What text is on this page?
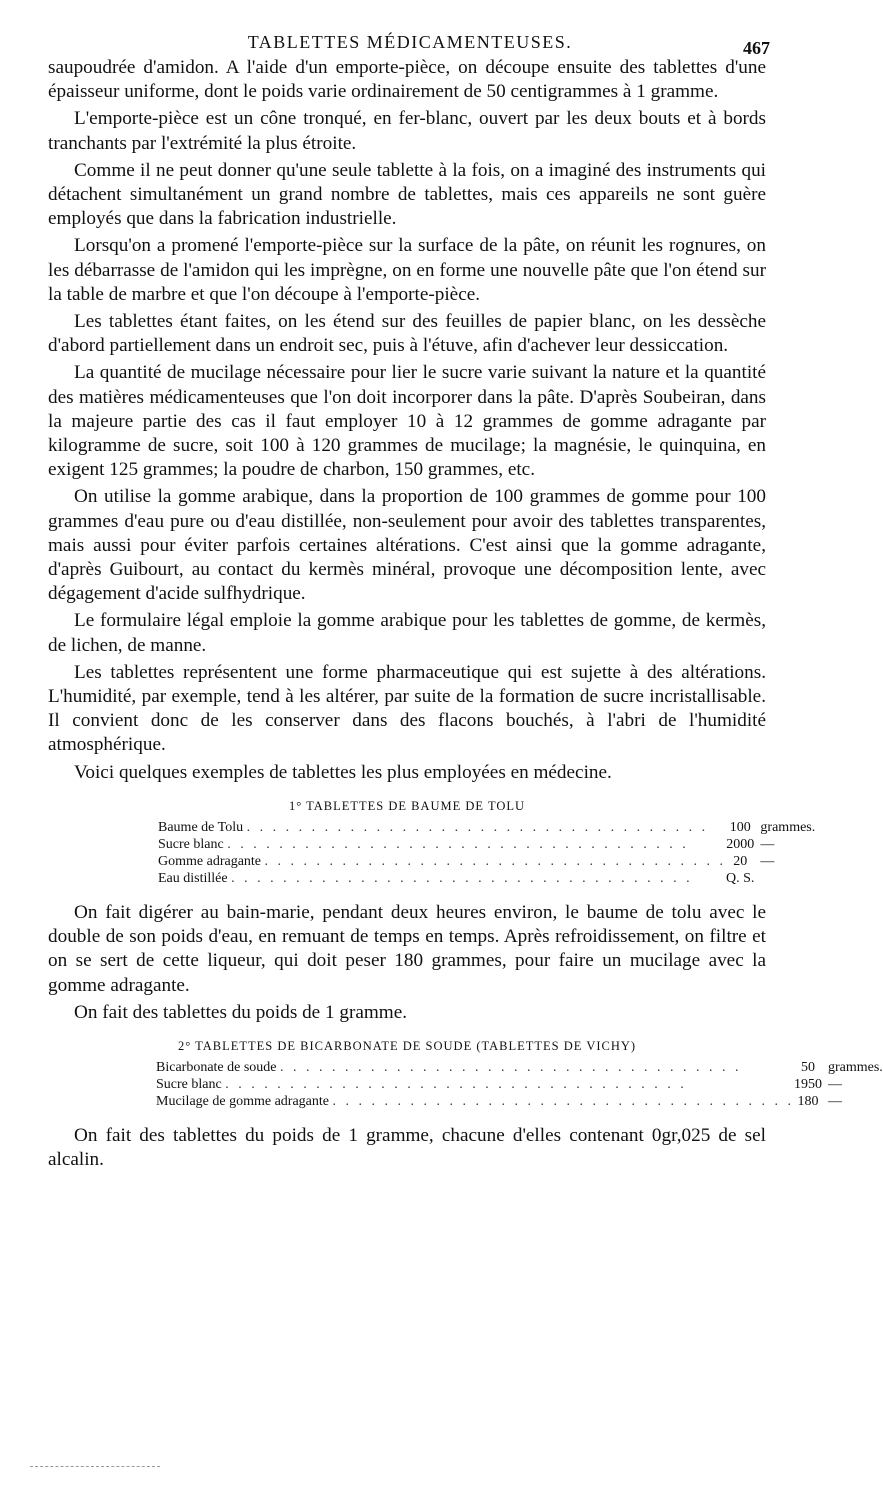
TABLETTES MÉDICAMENTEUSES.	467

saupoudrée d'amidon. A l'aide d'un emporte-pièce, on découpe ensuite des tablettes d'une épaisseur uniforme, dont le poids varie ordinairement de 50 centigrammes à 1 gramme.

L'emporte-pièce est un cône tronqué, en fer-blanc, ouvert par les deux bouts et à bords tranchants par l'extrémité la plus étroite.

Comme il ne peut donner qu'une seule tablette à la fois, on a imaginé des instruments qui détachent simultanément un grand nombre de tablettes, mais ces appareils ne sont guère employés que dans la fabrication industrielle.

Lorsqu'on a promené l'emporte-pièce sur la surface de la pâte, on réunit les rognures, on les débarrasse de l'amidon qui les imprègne, on en forme une nouvelle pâte que l'on étend sur la table de marbre et que l'on découpe à l'emporte-pièce.

Les tablettes étant faites, on les étend sur des feuilles de papier blanc, on les dessèche d'abord partiellement dans un endroit sec, puis à l'étuve, afin d'achever leur dessiccation.

La quantité de mucilage nécessaire pour lier le sucre varie suivant la nature et la quantité des matières médicamenteuses que l'on doit incorporer dans la pâte. D'après Soubeiran, dans la majeure partie des cas il faut employer 10 à 12 grammes de gomme adragante par kilogramme de sucre, soit 100 à 120 grammes de mucilage; la magnésie, le quinquina, en exigent 125 grammes; la poudre de charbon, 150 grammes, etc.

On utilise la gomme arabique, dans la proportion de 100 grammes de gomme pour 100 grammes d'eau pure ou d'eau distillée, non-seulement pour avoir des tablettes transparentes, mais aussi pour éviter parfois certaines altérations. C'est ainsi que la gomme adragante, d'après Guibourt, au contact du kermès minéral, provoque une décomposition lente, avec dégagement d'acide sulfhydrique.

Le formulaire légal emploie la gomme arabique pour les tablettes de gomme, de kermès, de lichen, de manne.

Les tablettes représentent une forme pharmaceutique qui est sujette à des altérations. L'humidité, par exemple, tend à les altérer, par suite de la formation de sucre incristallisable. Il convient donc de les conserver dans des flacons bouchés, à l'abri de l'humidité atmosphérique.

Voici quelques exemples de tablettes les plus employées en médecine.

1° TABLETTES DE BAUME DE TOLU
Baume de Tolu . . . . . . . . . . . . . . . . . . . . . . . . . . . . . . . . . . . .	100	grammes.
Sucre blanc . . . . . . . . . . . . . . . . . . . . . . . . . . . . . . . . . . . .	2000	—
Gomme adragante . . . . . . . . . . . . . . . . . . . . . . . . . . . . . . . . . . . .	20	—
Eau distillée . . . . . . . . . . . . . . . . . . . . . . . . . . . . . . . . . . . .	Q. S.	

On fait digérer au bain-marie, pendant deux heures environ, le baume de tolu avec le double de son poids d'eau, en remuant de temps en temps. Après refroidissement, on filtre et on se sert de cette liqueur, qui doit peser 180 grammes, pour faire un mucilage avec la gomme adragante.

On fait des tablettes du poids de 1 gramme.

2° TABLETTES DE BICARBONATE DE SOUDE (TABLETTES DE VICHY)
Bicarbonate de soude . . . . . . . . . . . . . . . . . . . . . . . . . . . . . . . . . . . .	50	grammes.
Sucre blanc . . . . . . . . . . . . . . . . . . . . . . . . . . . . . . . . . . . .	1950	—
Mucilage de gomme adragante . . . . . . . . . . . . . . . . . . . . . . . . . . . . . . . . . . . .	180	—

On fait des tablettes du poids de 1 gramme, chacune d'elles contenant 0gr,025 de sel alcalin.
